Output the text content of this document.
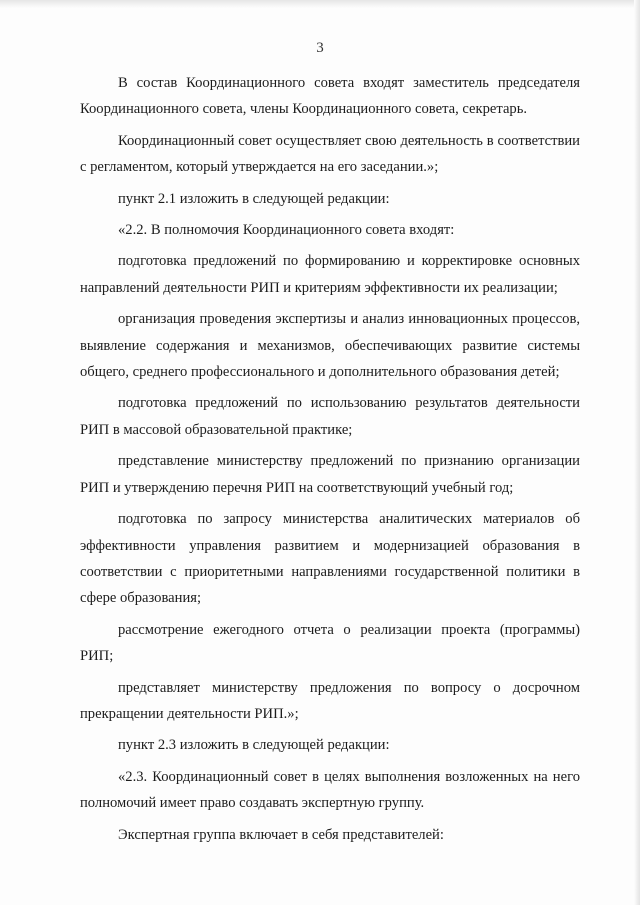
3

В состав Координационного совета входят заместитель председателя Координационного совета, члены Координационного совета, секретарь.

Координационный совет осуществляет свою деятельность в соответствии с регламентом, который утверждается на его заседании.»;

пункт 2.1 изложить в следующей редакции:

«2.2. В полномочия Координационного совета входят:

подготовка предложений по формированию и корректировке основных направлений деятельности РИП и критериям эффективности их реализации;

организация проведения экспертизы и анализ инновационных процессов, выявление содержания и механизмов, обеспечивающих развитие системы общего, среднего профессионального и дополнительного образования детей;

подготовка предложений по использованию результатов деятельности РИП в массовой образовательной практике;

представление министерству предложений по признанию организации РИП и утверждению перечня РИП на соответствующий учебный год;

подготовка по запросу министерства аналитических материалов об эффективности управления развитием и модернизацией образования в соответствии с приоритетными направлениями государственной политики в сфере образования;

рассмотрение ежегодного отчета о реализации проекта (программы) РИП;

представляет министерству предложения по вопросу о досрочном прекращении деятельности РИП.»;

пункт 2.3 изложить в следующей редакции:

«2.3. Координационный совет в целях выполнения возложенных на него полномочий имеет право создавать экспертную группу.

Экспертная группа включает в себя представителей:
